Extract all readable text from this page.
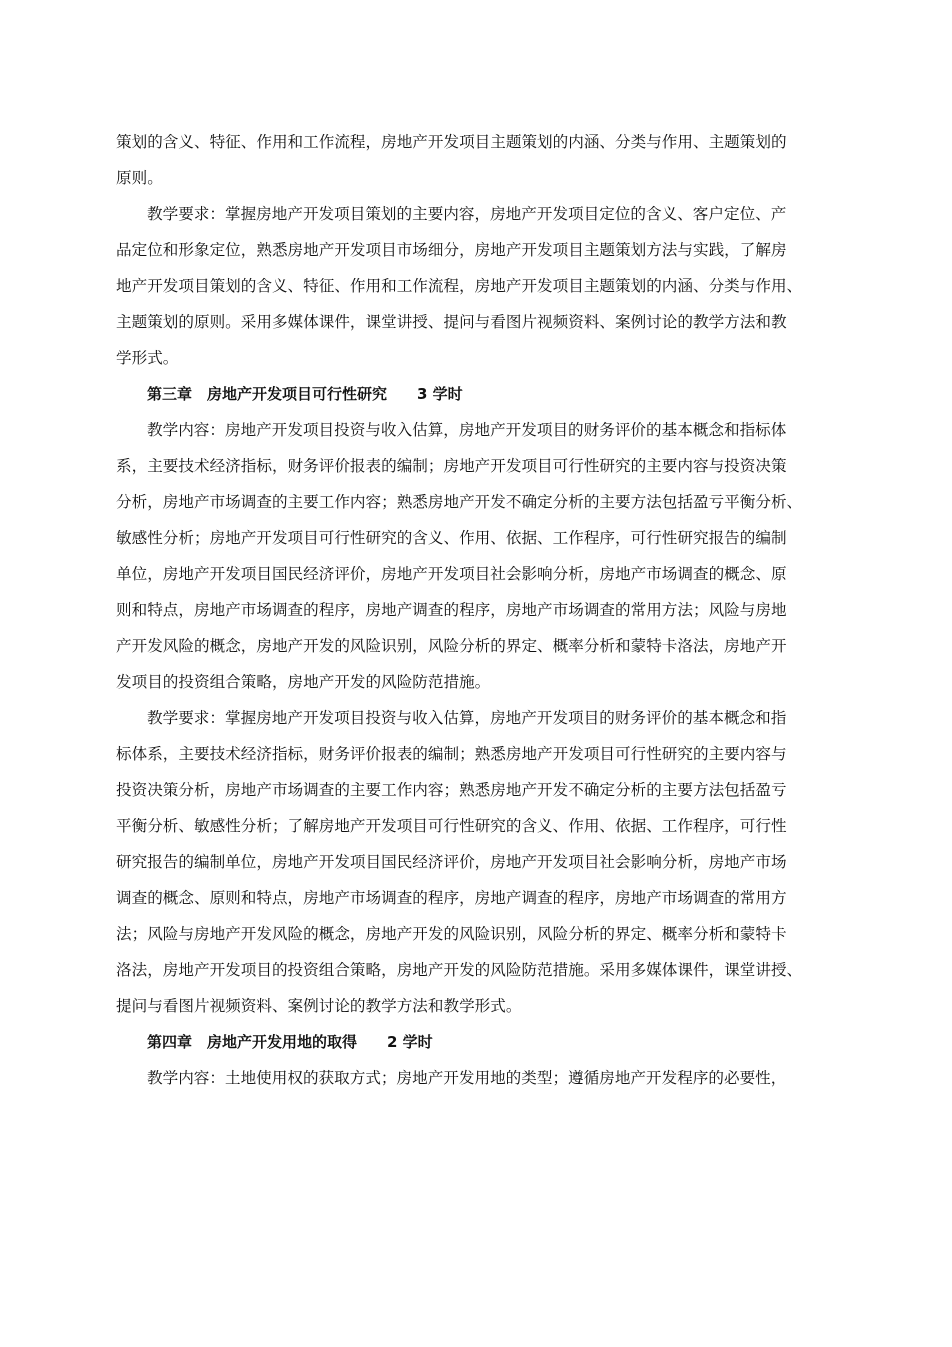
策划的含义、特征、作用和工作流程，房地产开发项目主题策划的内涵、分类与作用、主题策划的
原则。
教学要求：掌握房地产开发项目策划的主要内容，房地产开发项目定位的含义、客户定位、产
品定位和形象定位，熟悉房地产开发项目市场细分，房地产开发项目主题策划方法与实践，了解房
地产开发项目策划的含义、特征、作用和工作流程，房地产开发项目主题策划的内涵、分类与作用、
主题策划的原则。采用多媒体课件，课堂讲授、提问与看图片视频资料、案例讨论的教学方法和教
学形式。
第三章　房地产开发项目可行性研究 3 学时
教学内容：房地产开发项目投资与收入估算，房地产开发项目的财务评价的基本概念和指标体
系，主要技术经济指标，财务评价报表的编制；房地产开发项目可行性研究的主要内容与投资决策
分析，房地产市场调查的主要工作内容；熟悉房地产开发不确定分析的主要方法包括盈亏平衡分析、
敏感性分析；房地产开发项目可行性研究的含义、作用、依据、工作程序，可行性研究报告的编制
单位，房地产开发项目国民经济评价，房地产开发项目社会影响分析，房地产市场调查的概念、原
则和特点，房地产市场调查的程序，房地产调查的程序，房地产市场调查的常用方法；风险与房地
产开发风险的概念，房地产开发的风险识别，风险分析的界定、概率分析和蒙特卡洛法，房地产开
发项目的投资组合策略，房地产开发的风险防范措施。
教学要求：掌握房地产开发项目投资与收入估算，房地产开发项目的财务评价的基本概念和指
标体系，主要技术经济指标，财务评价报表的编制；熟悉房地产开发项目可行性研究的主要内容与
投资决策分析，房地产市场调查的主要工作内容；熟悉房地产开发不确定分析的主要方法包括盈亏
平衡分析、敏感性分析；了解房地产开发项目可行性研究的含义、作用、依据、工作程序，可行性
研究报告的编制单位，房地产开发项目国民经济评价，房地产开发项目社会影响分析，房地产市场
调查的概念、原则和特点，房地产市场调查的程序，房地产调查的程序，房地产市场调查的常用方
法；风险与房地产开发风险的概念，房地产开发的风险识别，风险分析的界定、概率分析和蒙特卡
洛法，房地产开发项目的投资组合策略，房地产开发的风险防范措施。采用多媒体课件，课堂讲授、
提问与看图片视频资料、案例讨论的教学方法和教学形式。
第四章　房地产开发用地的取得 2 学时
教学内容：土地使用权的获取方式；房地产开发用地的类型；遵循房地产开发程序的必要性，
